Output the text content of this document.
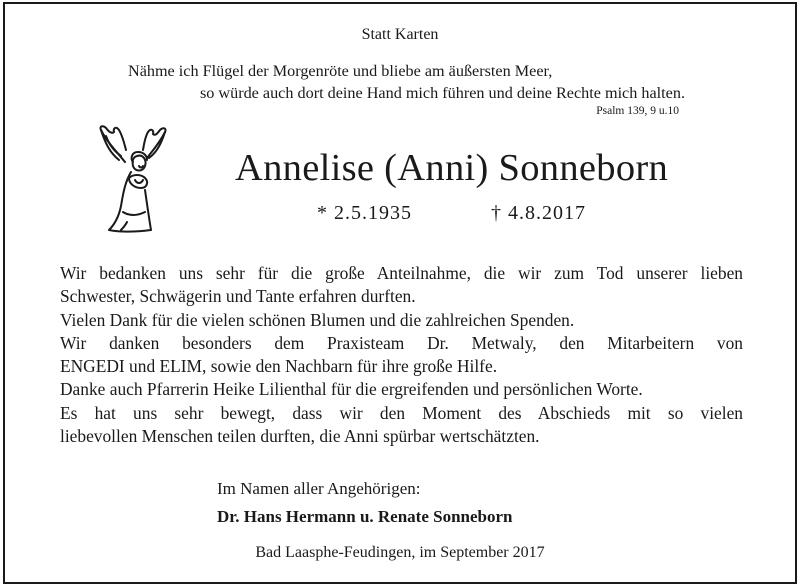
Statt Karten
Nähme ich Flügel der Morgenröte und bliebe am äußersten Meer,
so würde auch dort deine Hand mich führen und deine Rechte mich halten.
Psalm 139, 9 u.10
Annelise (Anni) Sonneborn
* 2.5.1935	† 4.8.2017

Wir bedanken uns sehr für die große Anteilnahme, die wir zum Tod unserer lieben

Schwester, Schwägerin und Tante erfahren durften.

Vielen Dank für die vielen schönen Blumen und die zahlreichen Spenden.

Wir danken besonders dem Praxisteam Dr. Metwaly, den Mitarbeitern von

ENGEDI und ELIM, sowie den Nachbarn für ihre große Hilfe.

Danke auch Pfarrerin Heike Lilienthal für die ergreifenden und persönlichen Worte.

Es hat uns sehr bewegt, dass wir den Moment des Abschieds mit so vielen

liebevollen Menschen teilen durften, die Anni spürbar wertschätzten.

Im Namen aller Angehörigen:
Dr. Hans Hermann u. Renate Sonneborn
Bad Laasphe-Feudingen, im September 2017
